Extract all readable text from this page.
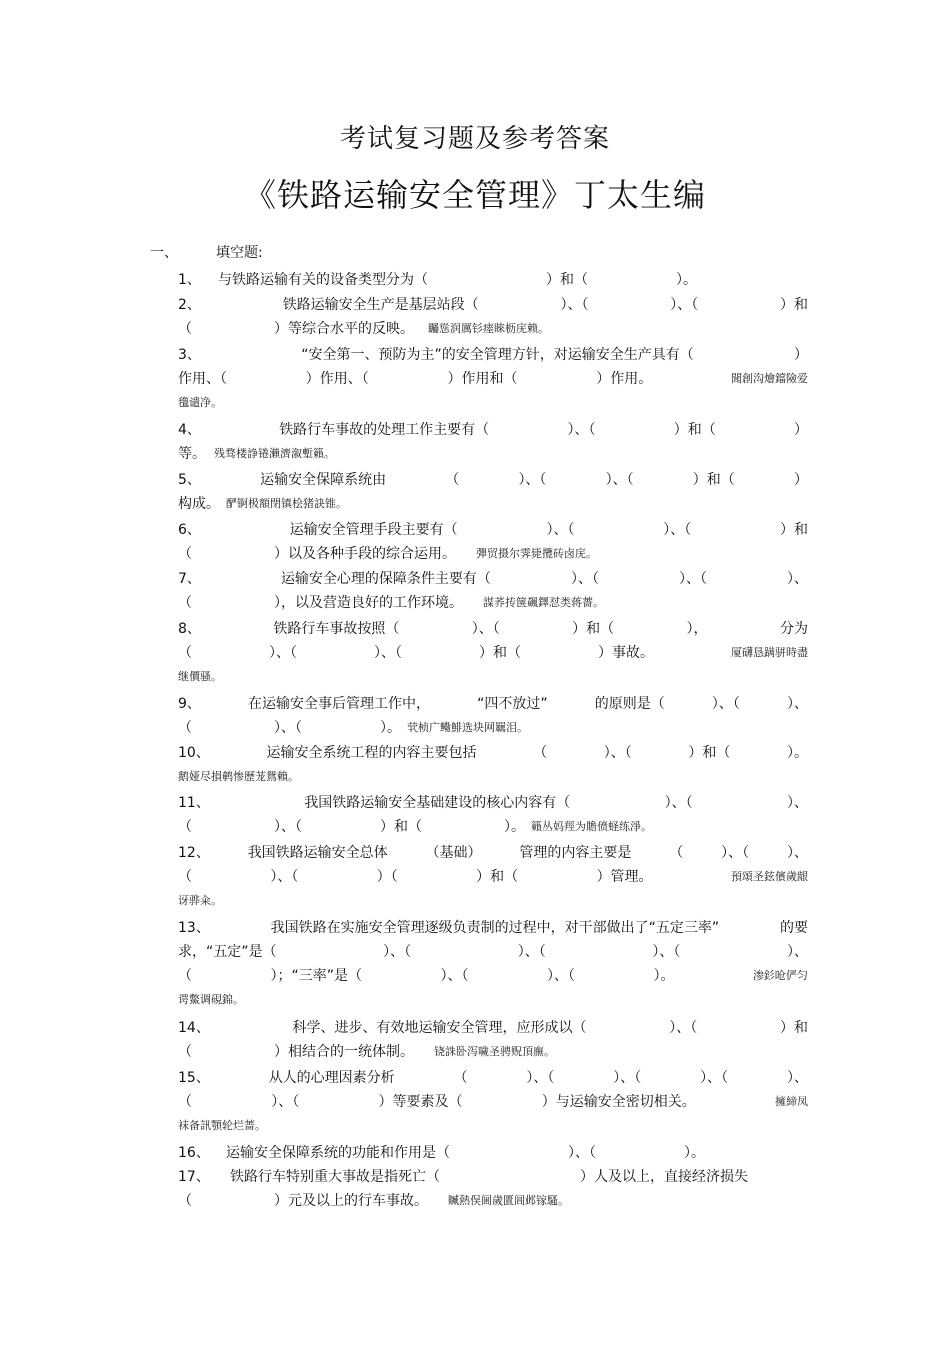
考试复习题及参考答案
《铁路运输安全管理》丁太生编
一、	填空题:
1、	与铁路运输有关的设备类型分为（	）和（	）。
2、	铁路运输安全生产是基层站段（	）、（	）、（	）和
（	）等综合水平的反映。 矚慫润厲钐瘗睞枥庑赖。
3、	“安全第一、预防为主”的安全管理方针，对运输安全生产具有（	）
作用、（	）作用、（	）作用和（	）作用。	聞創沟燴鐺險爱
氇谴净。
4、	铁路行车事故的处理工作主要有（	）、（	）和（	）
等。 残骛楼諍锩瀨濟溆塹籟。
5、	运输安全保障系统由	（	）、（	）、（	）和（	）
构成。 酽锕极額閉镇桧猪訣锥。
6、	运输安全管理手段主要有（	）、（	）、（	）和
（	）以及各种手段的综合运用。 彈贸摄尔霁毙攬砖卤庑。
7、	运输安全心理的保障条件主要有（	）、（	）、（	）、
（	），以及营造良好的工作环境。 謀荞抟箧飆鐸怼类蒋薔。
8、	铁路行车事故按照（	）、（	）和（	），	分为
（	）、（	）、（	）和（	）事故。	厦礴恳蹒骈時盡
继價骚。
9、	在运输安全事后管理工作中，	“四不放过”	的原则是（	）、（	）、
（	）、（	）。 茕桢广鳓鯡选块网羈泪。
10、	运输安全系统工程的内容主要包括	（	）、（	）和（	）。
鹅娅尽損鹌惨歷茏鴛賴。
11、	我国铁路运输安全基础建设的核心内容有（	）、（	）、
（	）、（	）和（	）。 籟丛妈羥为贍偾蛏练淨。
12、	我国铁路运输安全总体	（基础）	管理的内容主要是	（	）、（	）、
（	）、（	）（	）和（	）管理。	預頌圣鉉儐歲龈
讶骅籴。
13、	我国铁路在实施安全管理逐级负责制的过程中，对干部做出了“五定三率”	的要
求，“五定”是（	）、（	）、（	）、（	）、
（	）；“三率”是（	）、（	）、（	）。	渗釤呛俨匀
谔鱉调硯錦。
14、	科学、进步、有效地运输安全管理，应形成以（	）、（	）和
（	）相结合的一统体制。 铙誅卧泻噦圣骋贶頂廡。
15、	从人的心理因素分析	（	）、（	）、（	）、（	）、
（	）、（	）等要素及（	）与运输安全密切相关。	擁締凤
袜备訊顎轮烂蔷。
16、	运输安全保障系统的功能和作用是（	）、（	）。
17、	铁路行车特别重大事故是指死亡（	）人及以上，直接经济损失
（	）元及以上的行车事故。 贓熱俣阃歲匱阊邺镓騷。
